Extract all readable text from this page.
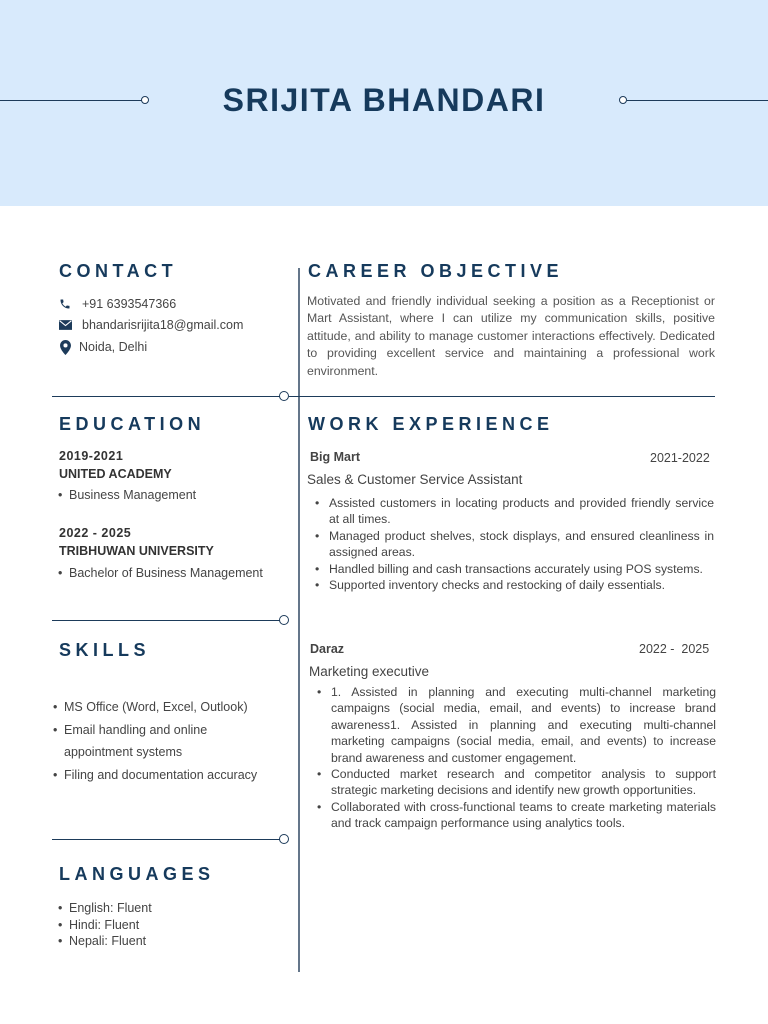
SRIJITA BHANDARI
CONTACT
+91 6393547366
bhandarisrijita18@gmail.com
Noida, Delhi
CAREER OBJECTIVE
Motivated and friendly individual seeking a position as a Receptionist or Mart Assistant, where I can utilize my communication skills, positive attitude, and ability to manage customer interactions effectively. Dedicated to providing excellent service and maintaining a professional work environment.
EDUCATION
2019-2021
UNITED ACADEMY
• Business Management
2022 - 2025
TRIBHUWAN UNIVERSITY
• Bachelor of Business Management
WORK EXPERIENCE
Big Mart	2021-2022
Sales & Customer Service Assistant
• Assisted customers in locating products and provided friendly service at all times.
• Managed product shelves, stock displays, and ensured cleanliness in assigned areas.
• Handled billing and cash transactions accurately using POS systems.
• Supported inventory checks and restocking of daily essentials.
Daraz	2022 -  2025
Marketing executive
• 1. Assisted in planning and executing multi-channel marketing campaigns (social media, email, and events) to increase brand awareness1. Assisted in planning and executing multi-channel marketing campaigns (social media, email, and events) to increase brand awareness and customer engagement.
• Conducted market research and competitor analysis to support strategic marketing decisions and identify new growth opportunities.
• Collaborated with cross-functional teams to create marketing materials and track campaign performance using analytics tools.
SKILLS
• MS Office (Word, Excel, Outlook)
• Email handling and online appointment systems
• Filing and documentation accuracy
LANGUAGES
• English: Fluent
• Hindi: Fluent
• Nepali: Fluent
